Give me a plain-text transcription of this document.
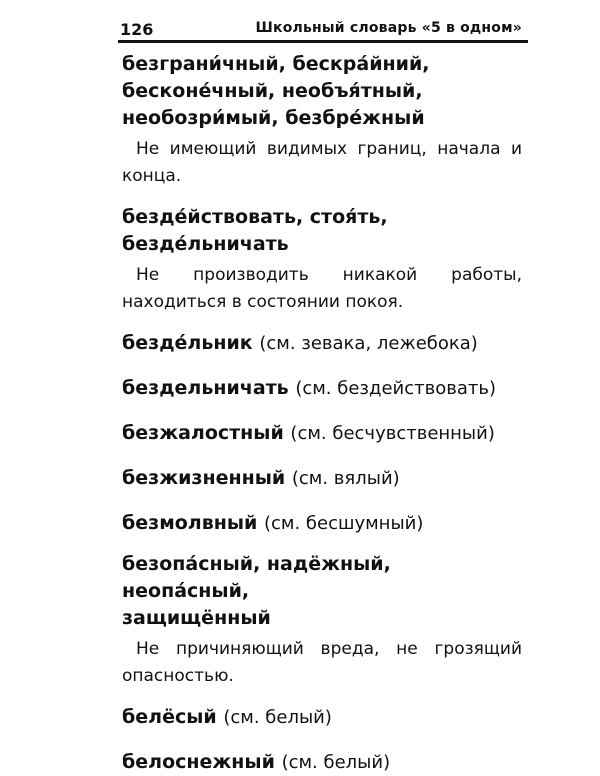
126	Школьный словарь «5 в одном»
безграни́чный, бескра́йний,
бесконе́чный, необъя́тный,
необозри́мый, безбре́жный
Не имеющий видимых границ, начала и конца.
безде́йствовать, стоя́ть,
безде́льничать
Не производить никакой работы, находиться в состоянии покоя.
безде́льник (см. зевака, лежебока)
бездельничать (см. бездействовать)
безжалостный (см. бесчувственный)
безжизненный (см. вялый)
безмолвный (см. бесшумный)
безопа́сный, надёжный, неопа́сный,
защищённый
Не причиняющий вреда, не грозящий опасностью.
белёсый (см. белый)
белоснежный (см. белый)
